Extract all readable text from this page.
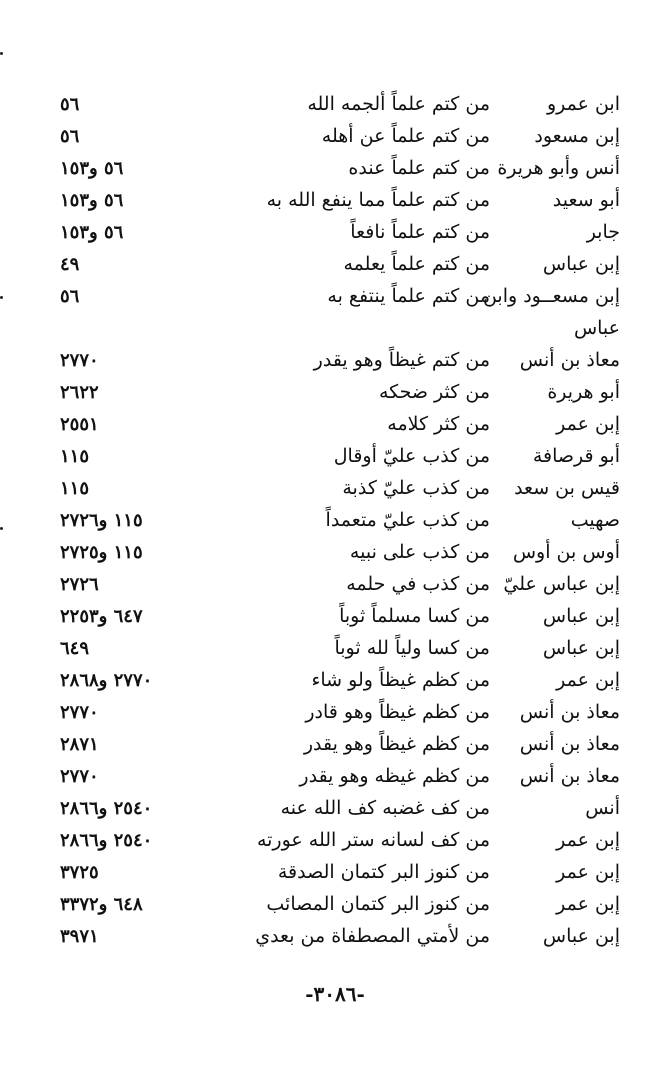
ابن عمرو
من كتم علماً ألجمه الله
٥٦
إبن مسعود
من كتم علماً عن أهله
٥٦
أنس وأبو هريرة
من كتم علماً عنده
٥٦ و١٥٣
أبو سعيد
من كتم علماً مما ينفع الله به
٥٦ و١٥٣
جابر
من كتم علماً نافعاً
٥٦ و١٥٣
إبن عباس
من كتم علماً يعلمه
٤٩
إبن مسعــود وابن
من كتم علماً ينتفع به
٥٦
عباس
معاذ بن أنس
من كتم غيظاً وهو يقدر
٢٧٧٠
أبو هريرة
من كثر ضحكه
٢٦٢٢
إبن عمر
من كثر كلامه
٢٥٥١
أبو قرصافة
من كذب عليّ أوقال
١١٥
قيس بن سعد
من كذب عليّ كذبة
١١٥
صهيب
من كذب عليّ متعمداً
١١٥ و٢٧٢٦
أوس بن أوس
من كذب على نبيه
١١٥ و٢٧٢٥
إبن عباس عليّ
من كذب في حلمه
٢٧٢٦
إبن عباس
من كسا مسلماً ثوباً
٦٤٧ و٢٢٥٣
إبن عباس
من كسا ولياً لله ثوباً
٦٤٩
إبن عمر
من كظم غيظاً ولو شاء
٢٧٧٠ و٢٨٦٨
معاذ بن أنس
من كظم غيظاً وهو قادر
٢٧٧٠
معاذ بن أنس
من كظم غيظاً وهو يقدر
٢٨٧١
معاذ بن أنس
من كظم غيظه وهو يقدر
٢٧٧٠
أنس
من كف غضبه كف الله عنه
٢٥٤٠ و٢٨٦٦
إبن عمر
من كف لسانه ستر الله عورته
٢٥٤٠ و٢٨٦٦
إبن عمر
من كنوز البر كتمان الصدقة
٣٧٢٥
إبن عمر
من كنوز البر كتمان المصائب
٦٤٨ و٣٣٧٢
إبن عباس
من لأمتي المصطفاة من بعدي
٣٩٧١
-٣٠٨٦-
